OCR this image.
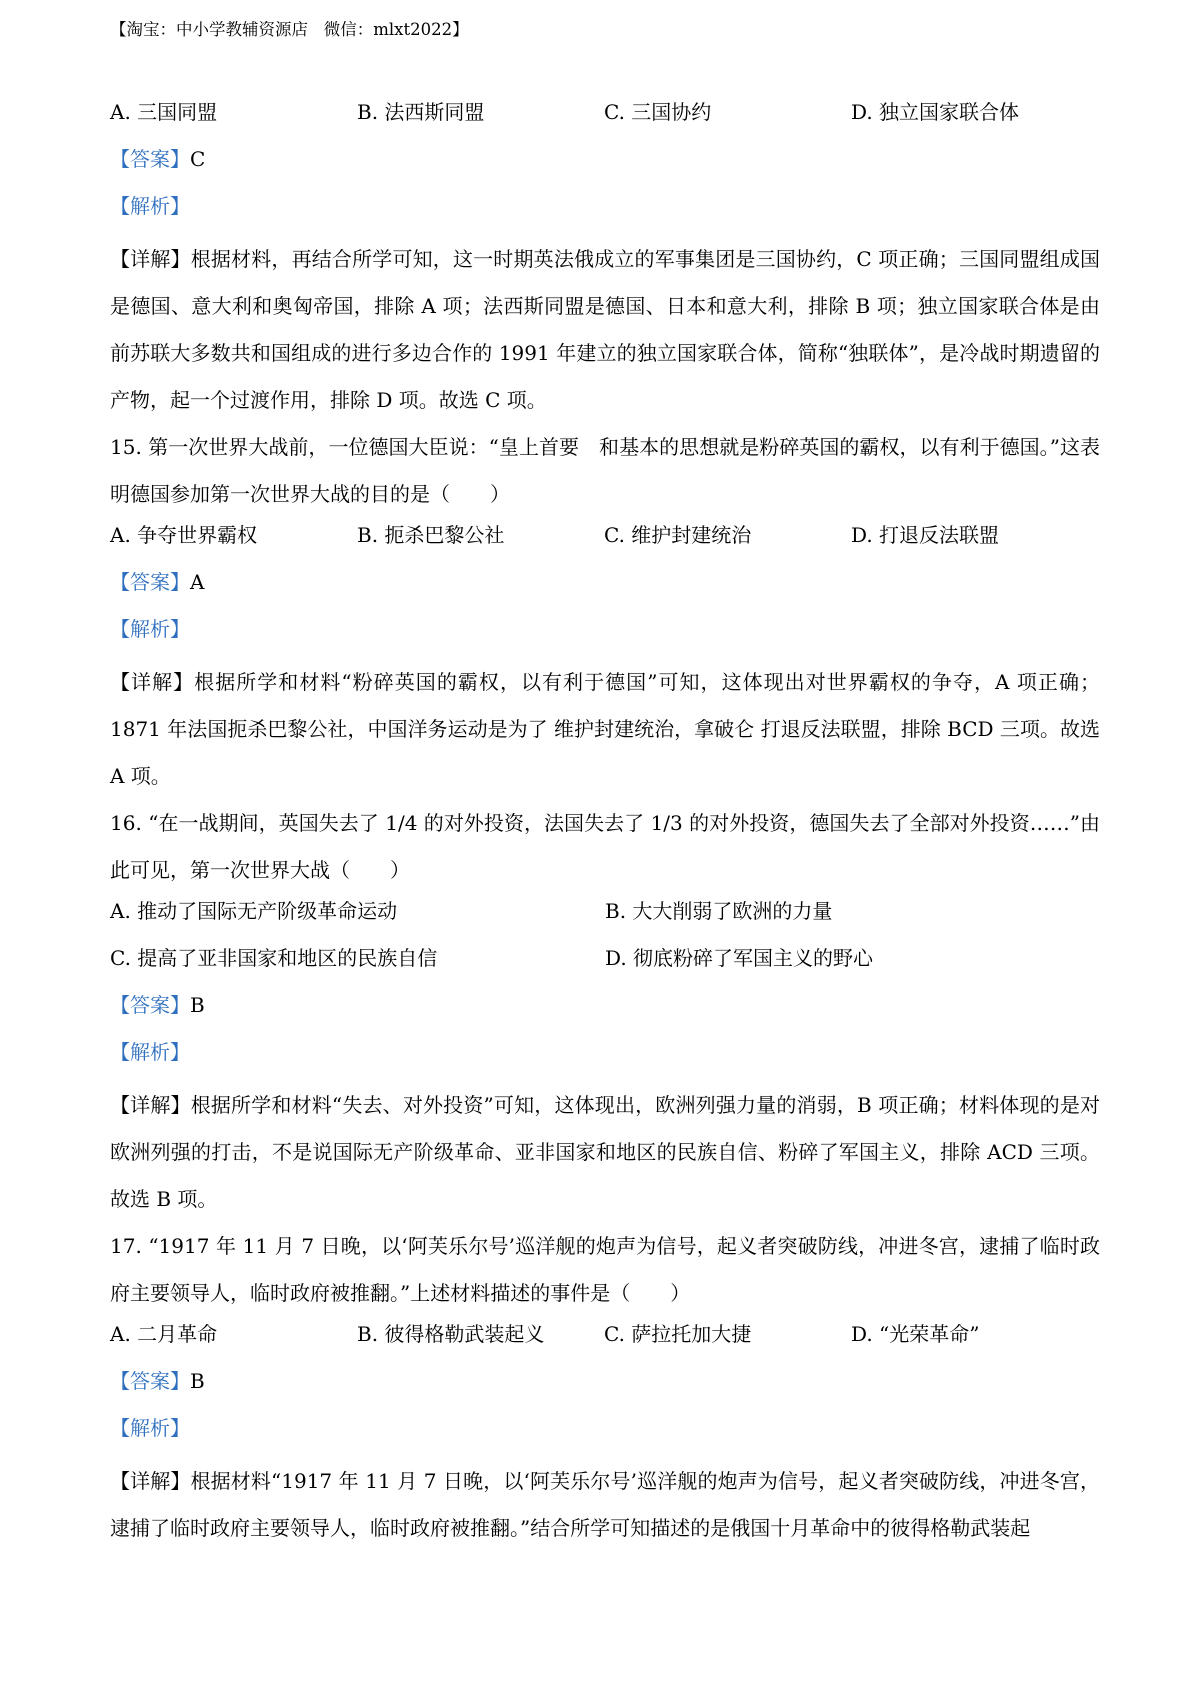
【淘宝：中小学教辅资源店   微信：mlxt2022】
A. 三国同盟	B. 法西斯同盟	C. 三国协约	D. 独立国家联合体
【答案】C
【解析】
【详解】根据材料，再结合所学可知，这一时期英法俄成立的军事集团是三国协约，C 项正确；三国同盟组成国是德国、意大利和奥匈帝国，排除 A 项；法西斯同盟是德国、日本和意大利，排除 B 项；独立国家联合体是由前苏联大多数共和国组成的进行多边合作的 1991 年建立的独立国家联合体，简称“独联体”，是冷战时期遗留的产物，起一个过渡作用，排除 D 项。故选 C 项。
15. 第一次世界大战前，一位德国大臣说：“皇上首要　和基本的思想就是粉碎英国的霸权，以有利于德国。”这表明德国参加第一次世界大战的目的是（　　）
A. 争夺世界霸权	B. 扼杀巴黎公社	C. 维护封建统治	D. 打退反法联盟
【答案】A
【解析】
【详解】根据所学和材料“粉碎英国的霸权，以有利于德国”可知，这体现出对世界霸权的争夺，A 项正确；1871 年法国扼杀巴黎公社，中国洋务运动是为了 维护封建统治，拿破仑 打退反法联盟，排除 BCD 三项。故选 A 项。
16. “在一战期间，英国失去了 1/4 的对外投资，法国失去了 1/3 的对外投资，德国失去了全部对外投资……”由此可见，第一次世界大战（　　）
A. 推动了国际无产阶级革命运动	B. 大大削弱了欧洲的力量
C. 提高了亚非国家和地区的民族自信	D. 彻底粉碎了军国主义的野心
【答案】B
【解析】
【详解】根据所学和材料“失去、对外投资”可知，这体现出，欧洲列强力量的消弱，B 项正确；材料体现的是对欧洲列强的打击，不是说国际无产阶级革命、亚非国家和地区的民族自信、粉碎了军国主义，排除 ACD 三项。故选 B 项。
17. “1917 年 11 月 7 日晚，以‘阿芙乐尔号’巡洋舰的炮声为信号，起义者突破防线，冲进冬宫，逮捕了临时政府主要领导人，临时政府被推翻。”上述材料描述的事件是（　　）
A. 二月革命	B. 彼得格勒武装起义	C. 萨拉托加大捷	D. “光荣革命”
【答案】B
【解析】
【详解】根据材料“1917 年 11 月 7 日晚，以‘阿芙乐尔号’巡洋舰的炮声为信号，起义者突破防线，冲进冬宫，逮捕了临时政府主要领导人，临时政府被推翻。”结合所学可知描述的是俄国十月革命中的彼得格勒武装起
